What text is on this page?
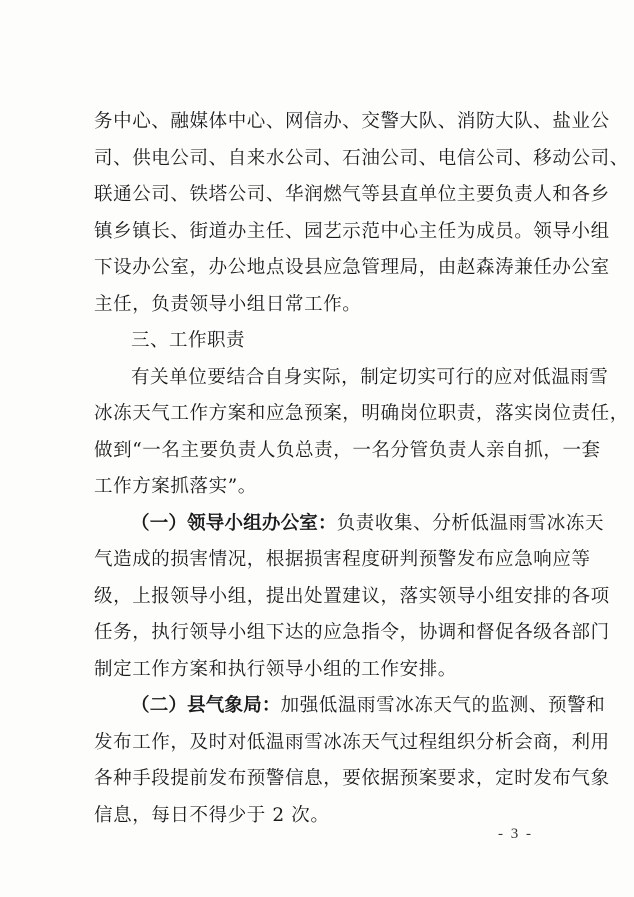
务中心、融媒体中心、网信办、交警大队、消防大队、盐业公
司、供电公司、自来水公司、石油公司、电信公司、移动公司、
联通公司、铁塔公司、华润燃气等县直单位主要负责人和各乡
镇乡镇长、街道办主任、园艺示范中心主任为成员。领导小组
下设办公室，办公地点设县应急管理局，由赵森涛兼任办公室
主任，负责领导小组日常工作。
三、工作职责
有关单位要结合自身实际，制定切实可行的应对低温雨雪
冰冻天气工作方案和应急预案，明确岗位职责，落实岗位责任，
做到“一名主要负责人负总责，一名分管负责人亲自抓，一套
工作方案抓落实”。
（一）领导小组办公室：负责收集、分析低温雨雪冰冻天
气造成的损害情况，根据损害程度研判预警发布应急响应等
级，上报领导小组，提出处置建议，落实领导小组安排的各项
任务，执行领导小组下达的应急指令，协调和督促各级各部门
制定工作方案和执行领导小组的工作安排。
（二）县气象局：加强低温雨雪冰冻天气的监测、预警和
发布工作，及时对低温雨雪冰冻天气过程组织分析会商，利用
各种手段提前发布预警信息，要依据预案要求，定时发布气象
信息，每日不得少于 2 次。
- 3 -
